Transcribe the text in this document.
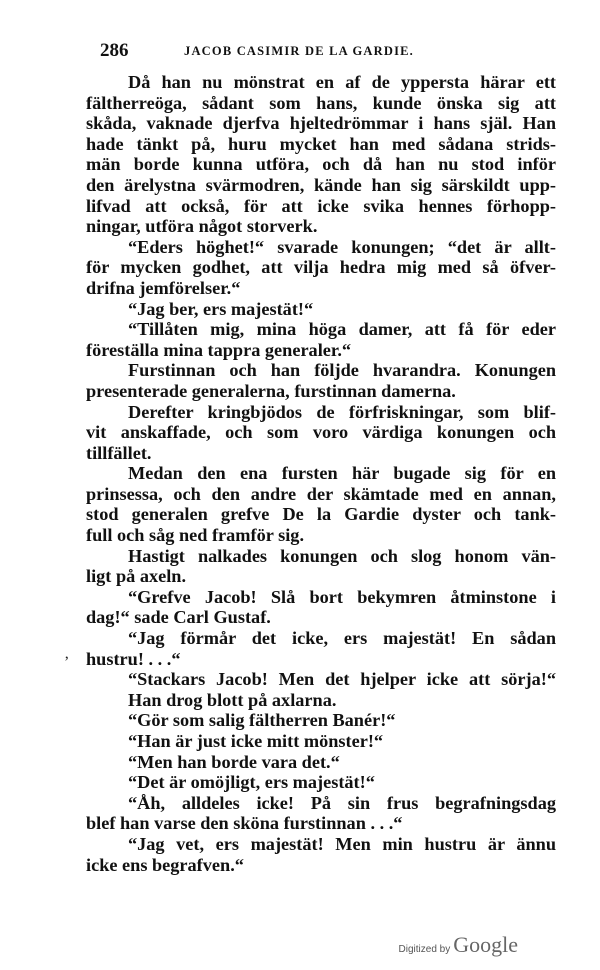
286	JACOB CASIMIR DE LA GARDIE.
Då han nu mönstrat en af de yppersta härar ett
fältherreöga, sådant som hans, kunde önska sig att
skåda, vaknade djerfva hjeltedrömmar i hans själ. Han
hade tänkt på, huru mycket han med sådana strids-
män borde kunna utföra, och då han nu stod inför
den ärelystna svärmodren, kände han sig särskildt upp-
lifvad att också, för att icke svika hennes förhopp-
ningar, utföra något storverk.
“Eders höghet!“ svarade konungen; “det är allt-
för mycken godhet, att vilja hedra mig med så öfver-
drifna jemförelser.“
“Jag ber, ers majestät!“
“Tillåten mig, mina höga damer, att få för eder
föreställa mina tappra generaler.“
Furstinnan och han följde hvarandra. Konungen
presenterade generalerna, furstinnan damerna.
Derefter kringbjödos de förfriskningar, som blif-
vit anskaffade, och som voro värdiga konungen och
tillfället.
Medan den ena fursten här bugade sig för en
prinsessa, och den andre der skämtade med en annan,
stod generalen grefve De la Gardie dyster och tank-
full och såg ned framför sig.
Hastigt nalkades konungen och slog honom vän-
ligt på axeln.
“Grefve Jacob! Slå bort bekymren åtminstone i
dag!“ sade Carl Gustaf.
“Jag förmår det icke, ers majestät! En sådan
hustru! . . .“
“Stackars Jacob! Men det hjelper icke att sörja!“
Han drog blott på axlarna.
“Gör som salig fältherren Banér!“
“Han är just icke mitt mönster!“
“Men han borde vara det.“
“Det är omöjligt, ers majestät!“
“Åh, alldeles icke! På sin frus begrafningsdag
blef han varse den sköna furstinnan . . .“
“Jag vet, ers majestät! Men min hustru är ännu
icke ens begrafven.“
’
Digitized by Google
